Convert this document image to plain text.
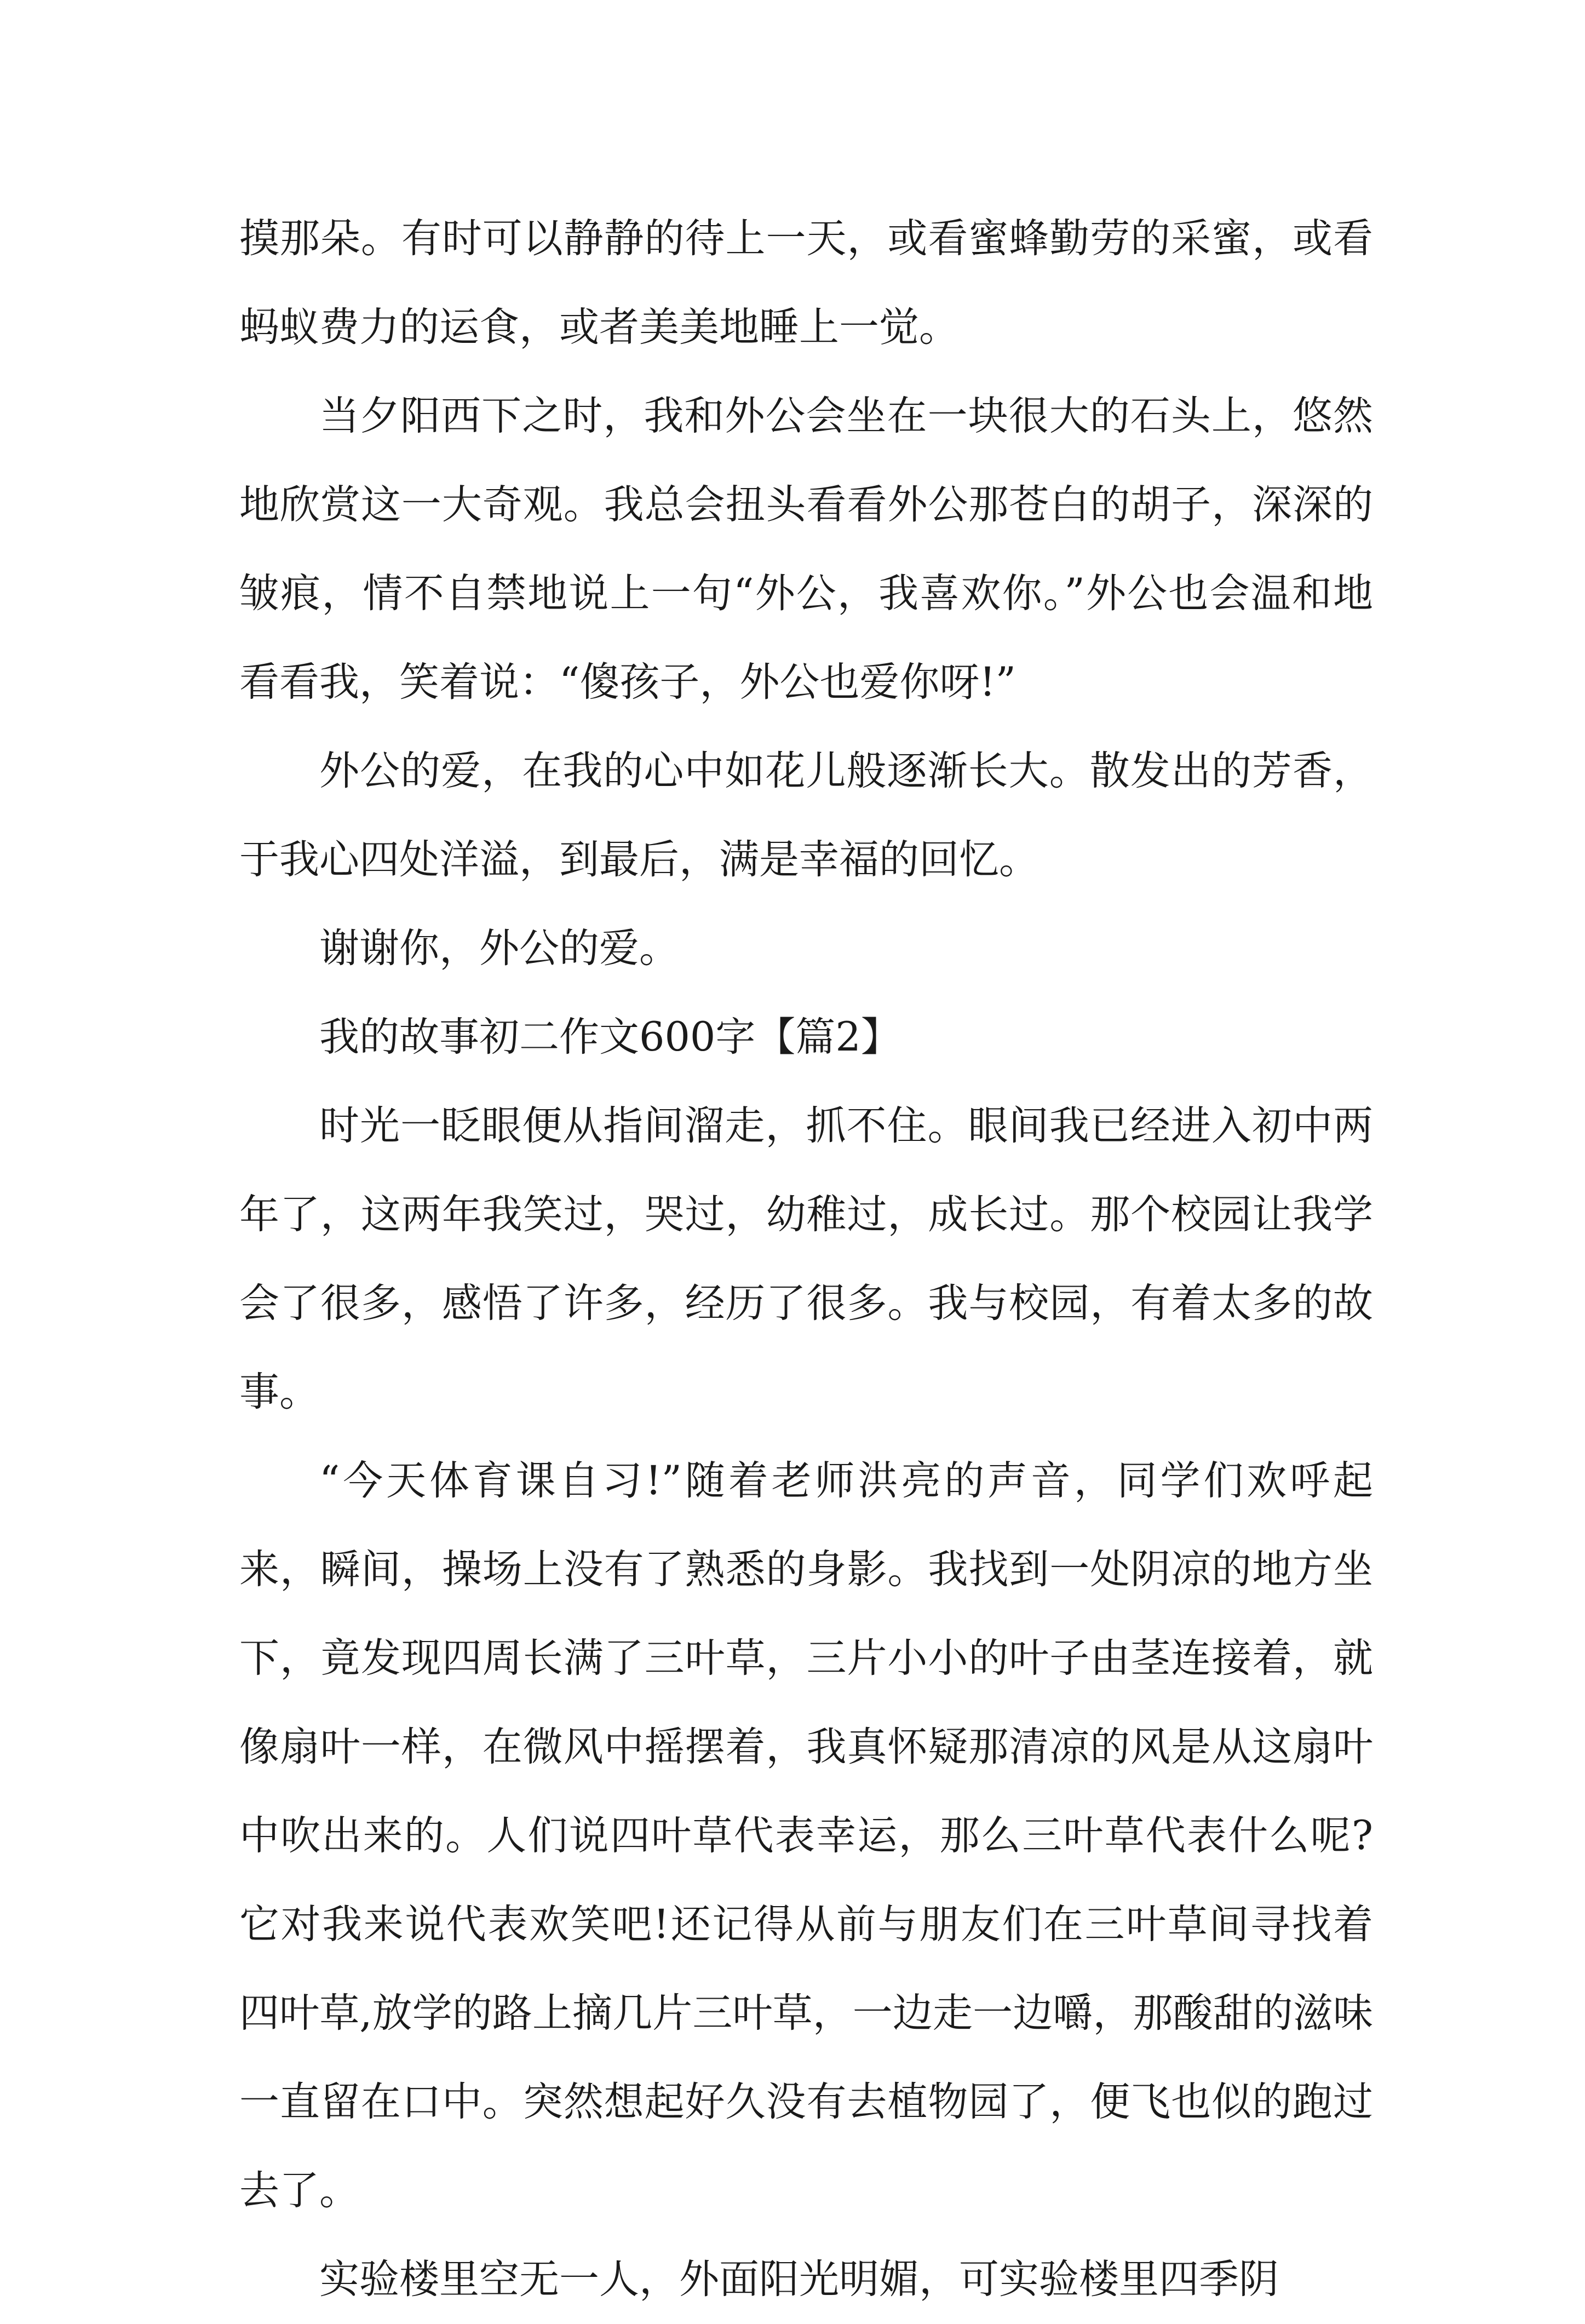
摸那朵。有时可以静静的待上一天，或看蜜蜂勤劳的采蜜，或看蚂蚁费力的运食，或者美美地睡上一觉。

当夕阳西下之时，我和外公会坐在一块很大的石头上，悠然地欣赏这一大奇观。我总会扭头看看外公那苍白的胡子，深深的皱痕，情不自禁地说上一句“外公，我喜欢你。”外公也会温和地看看我，笑着说：“傻孩子，外公也爱你呀!”

外公的爱，在我的心中如花儿般逐渐长大。散发出的芳香，于我心四处洋溢，到最后，满是幸福的回忆。

谢谢你，外公的爱。

我的故事初二作文600字【篇2】

时光一眨眼便从指间溜走，抓不住。眼间我已经进入初中两年了，这两年我笑过，哭过，幼稚过，成长过。那个校园让我学会了很多，感悟了许多，经历了很多。我与校园，有着太多的故事。

“今天体育课自习!”随着老师洪亮的声音，同学们欢呼起来，瞬间，操场上没有了熟悉的身影。我找到一处阴凉的地方坐下，竟发现四周长满了三叶草，三片小小的叶子由茎连接着，就像扇叶一样，在微风中摇摆着，我真怀疑那清凉的风是从这扇叶中吹出来的。人们说四叶草代表幸运，那么三叶草代表什么呢?它对我来说代表欢笑吧!还记得从前与朋友们在三叶草间寻找着四叶草,放学的路上摘几片三叶草，一边走一边嚼，那酸甜的滋味一直留在口中。突然想起好久没有去植物园了，便飞也似的跑过去了。

实验楼里空无一人，外面阳光明媚，可实验楼里四季阴
